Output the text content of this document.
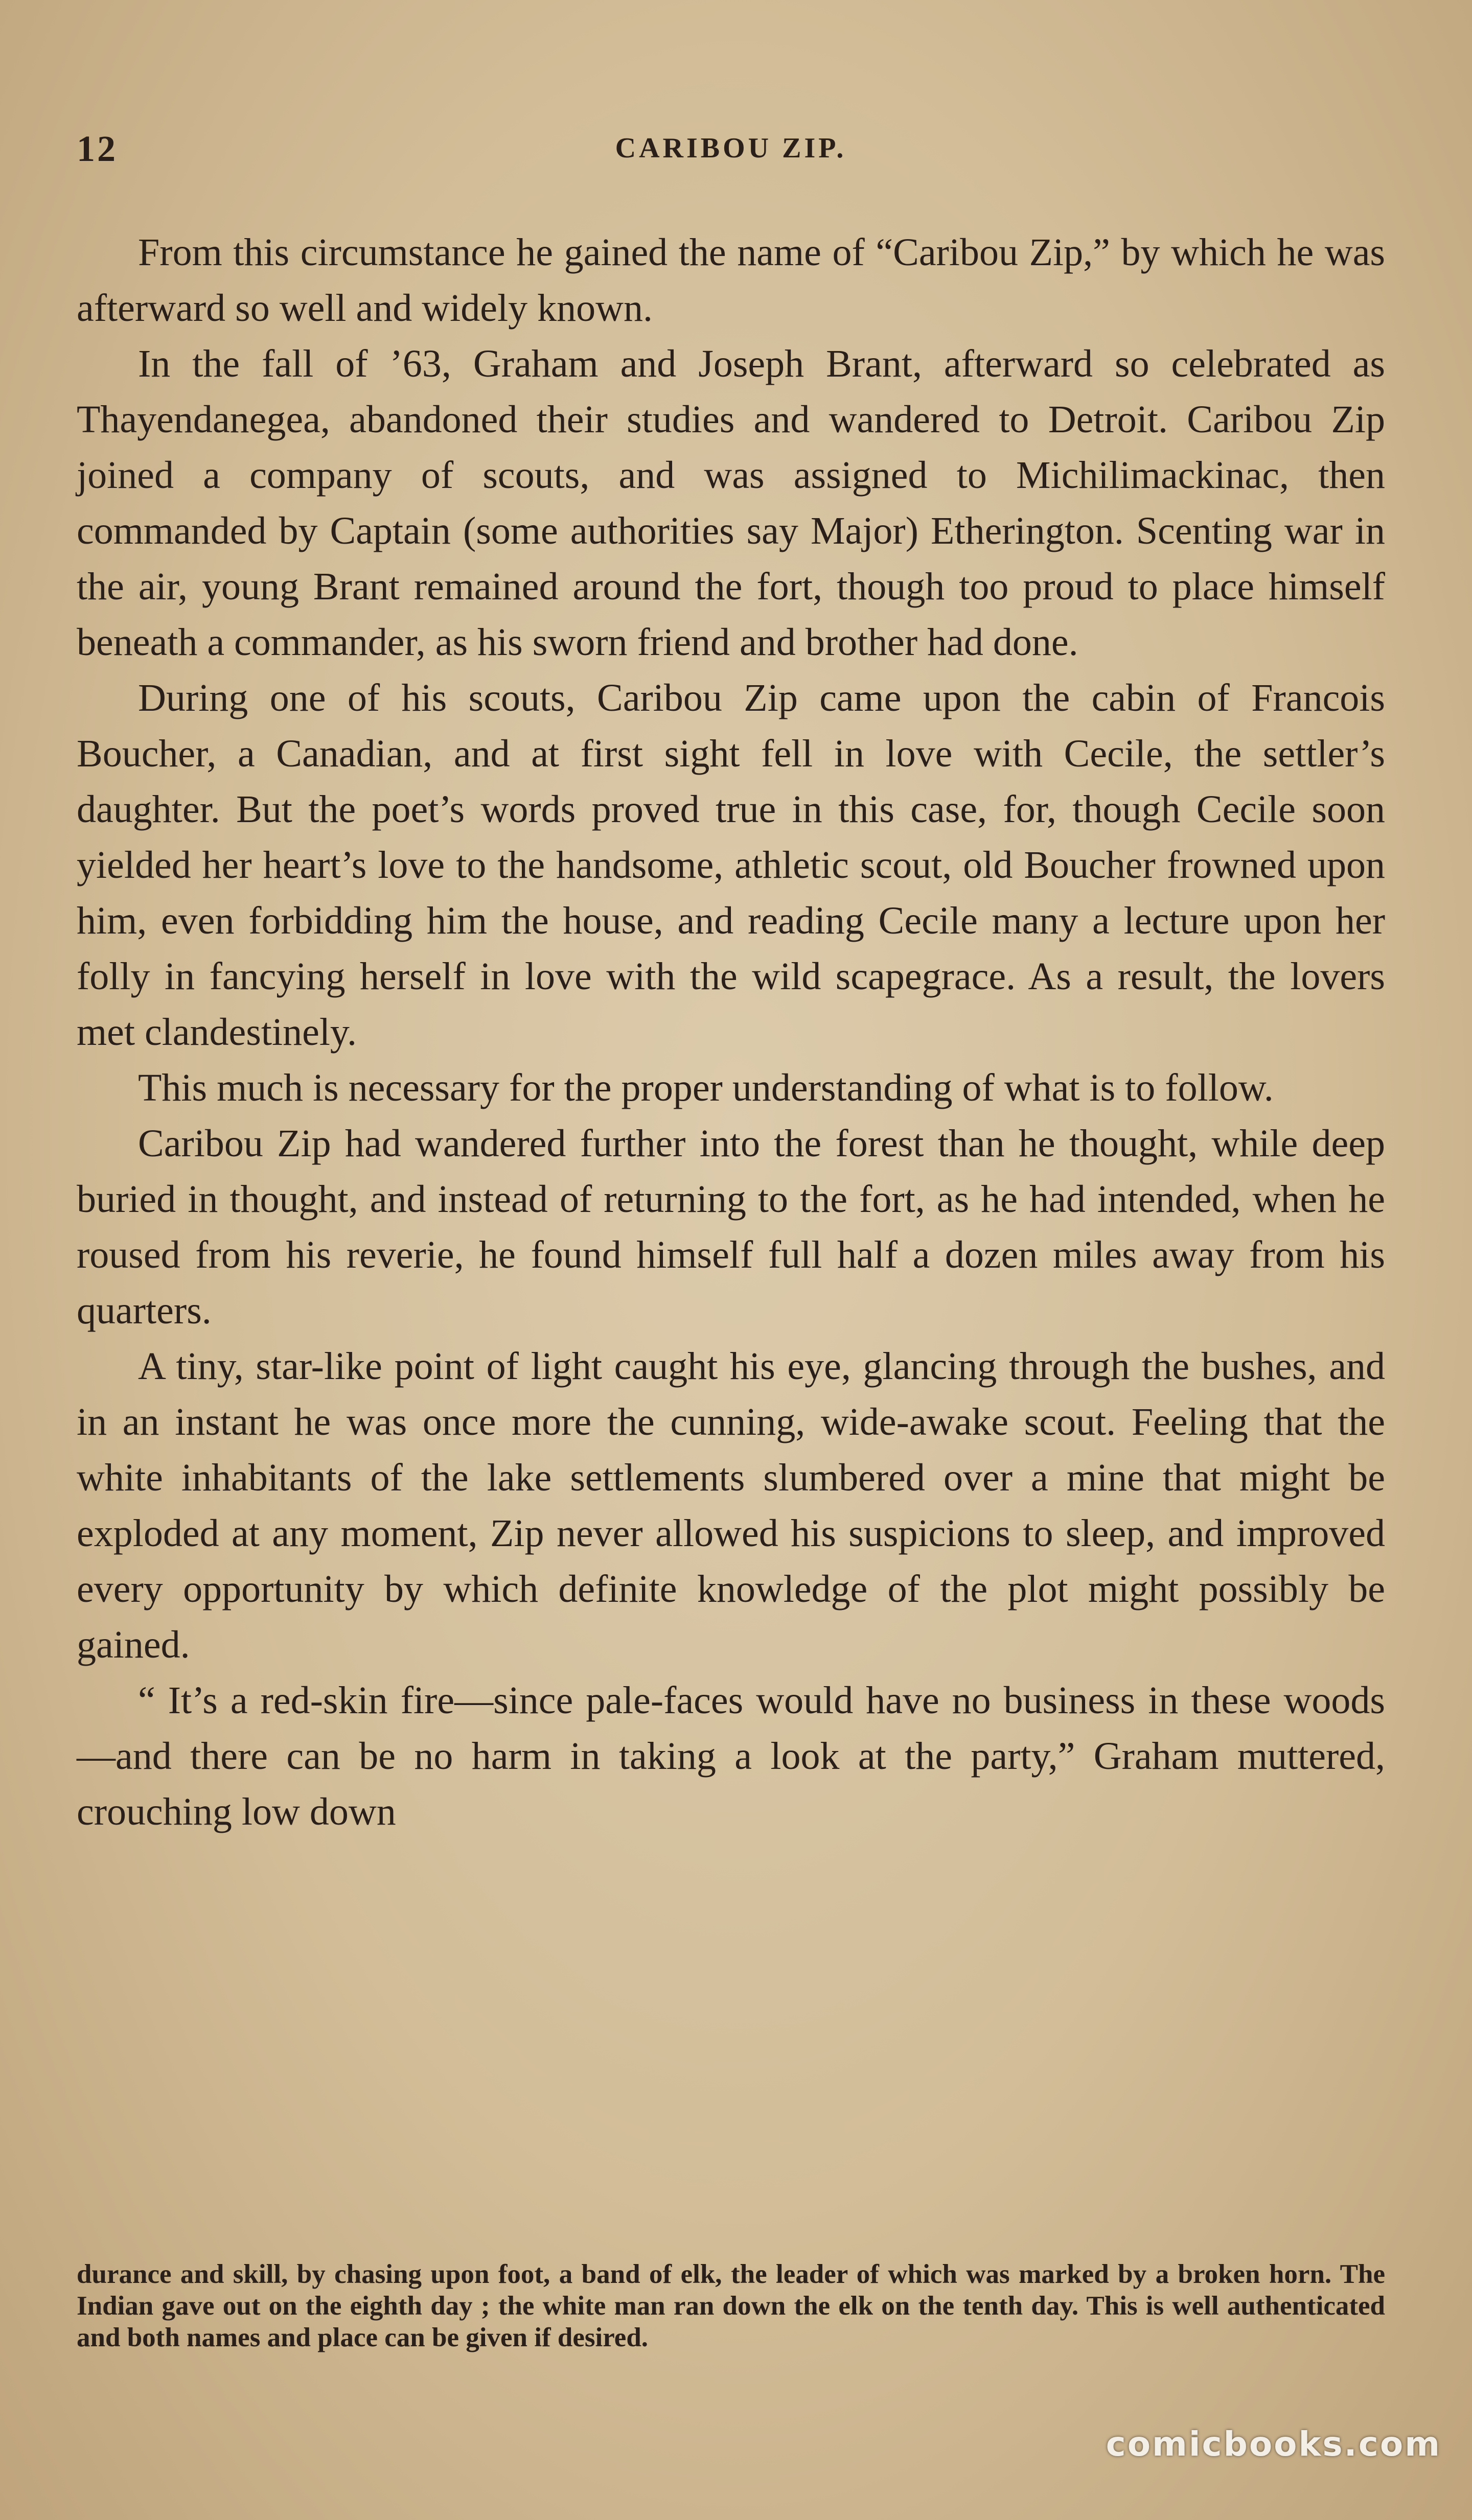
12	CARIBOU ZIP.

From this circumstance he gained the name of “Caribou Zip,” by which he was afterward so well and widely known.

In the fall of ’63, Graham and Joseph Brant, afterward so celebrated as Thayendanegea, abandoned their studies and wandered to Detroit. Caribou Zip joined a company of scouts, and was assigned to Michilimackinac, then commanded by Captain (some authorities say Major) Etherington. Scenting war in the air, young Brant remained around the fort, though too proud to place himself beneath a commander, as his sworn friend and brother had done.

During one of his scouts, Caribou Zip came upon the cabin of Francois Boucher, a Canadian, and at first sight fell in love with Cecile, the settler’s daughter. But the poet’s words proved true in this case, for, though Cecile soon yielded her heart’s love to the handsome, athletic scout, old Boucher frowned upon him, even forbidding him the house, and reading Cecile many a lecture upon her folly in fancying herself in love with the wild scapegrace. As a result, the lovers met clandestinely.

This much is necessary for the proper understanding of what is to follow.

Caribou Zip had wandered further into the forest than he thought, while deep buried in thought, and instead of returning to the fort, as he had intended, when he roused from his reverie, he found himself full half a dozen miles away from his quarters.

A tiny, star-like point of light caught his eye, glancing through the bushes, and in an instant he was once more the cunning, wide-awake scout. Feeling that the white inhabitants of the lake settlements slumbered over a mine that might be exploded at any moment, Zip never allowed his suspicions to sleep, and improved every opportunity by which definite knowledge of the plot might possibly be gained.

“ It’s a red-skin fire—since pale-faces would have no business in these woods—and there can be no harm in taking a look at the party,” Graham muttered, crouching low down

durance and skill, by chasing upon foot, a band of elk, the leader of which was marked by a broken horn. The Indian gave out on the eighth day ; the white man ran down the elk on the tenth day. This is well authenticated and both names and place can be given if desired.

comicbooks.com
